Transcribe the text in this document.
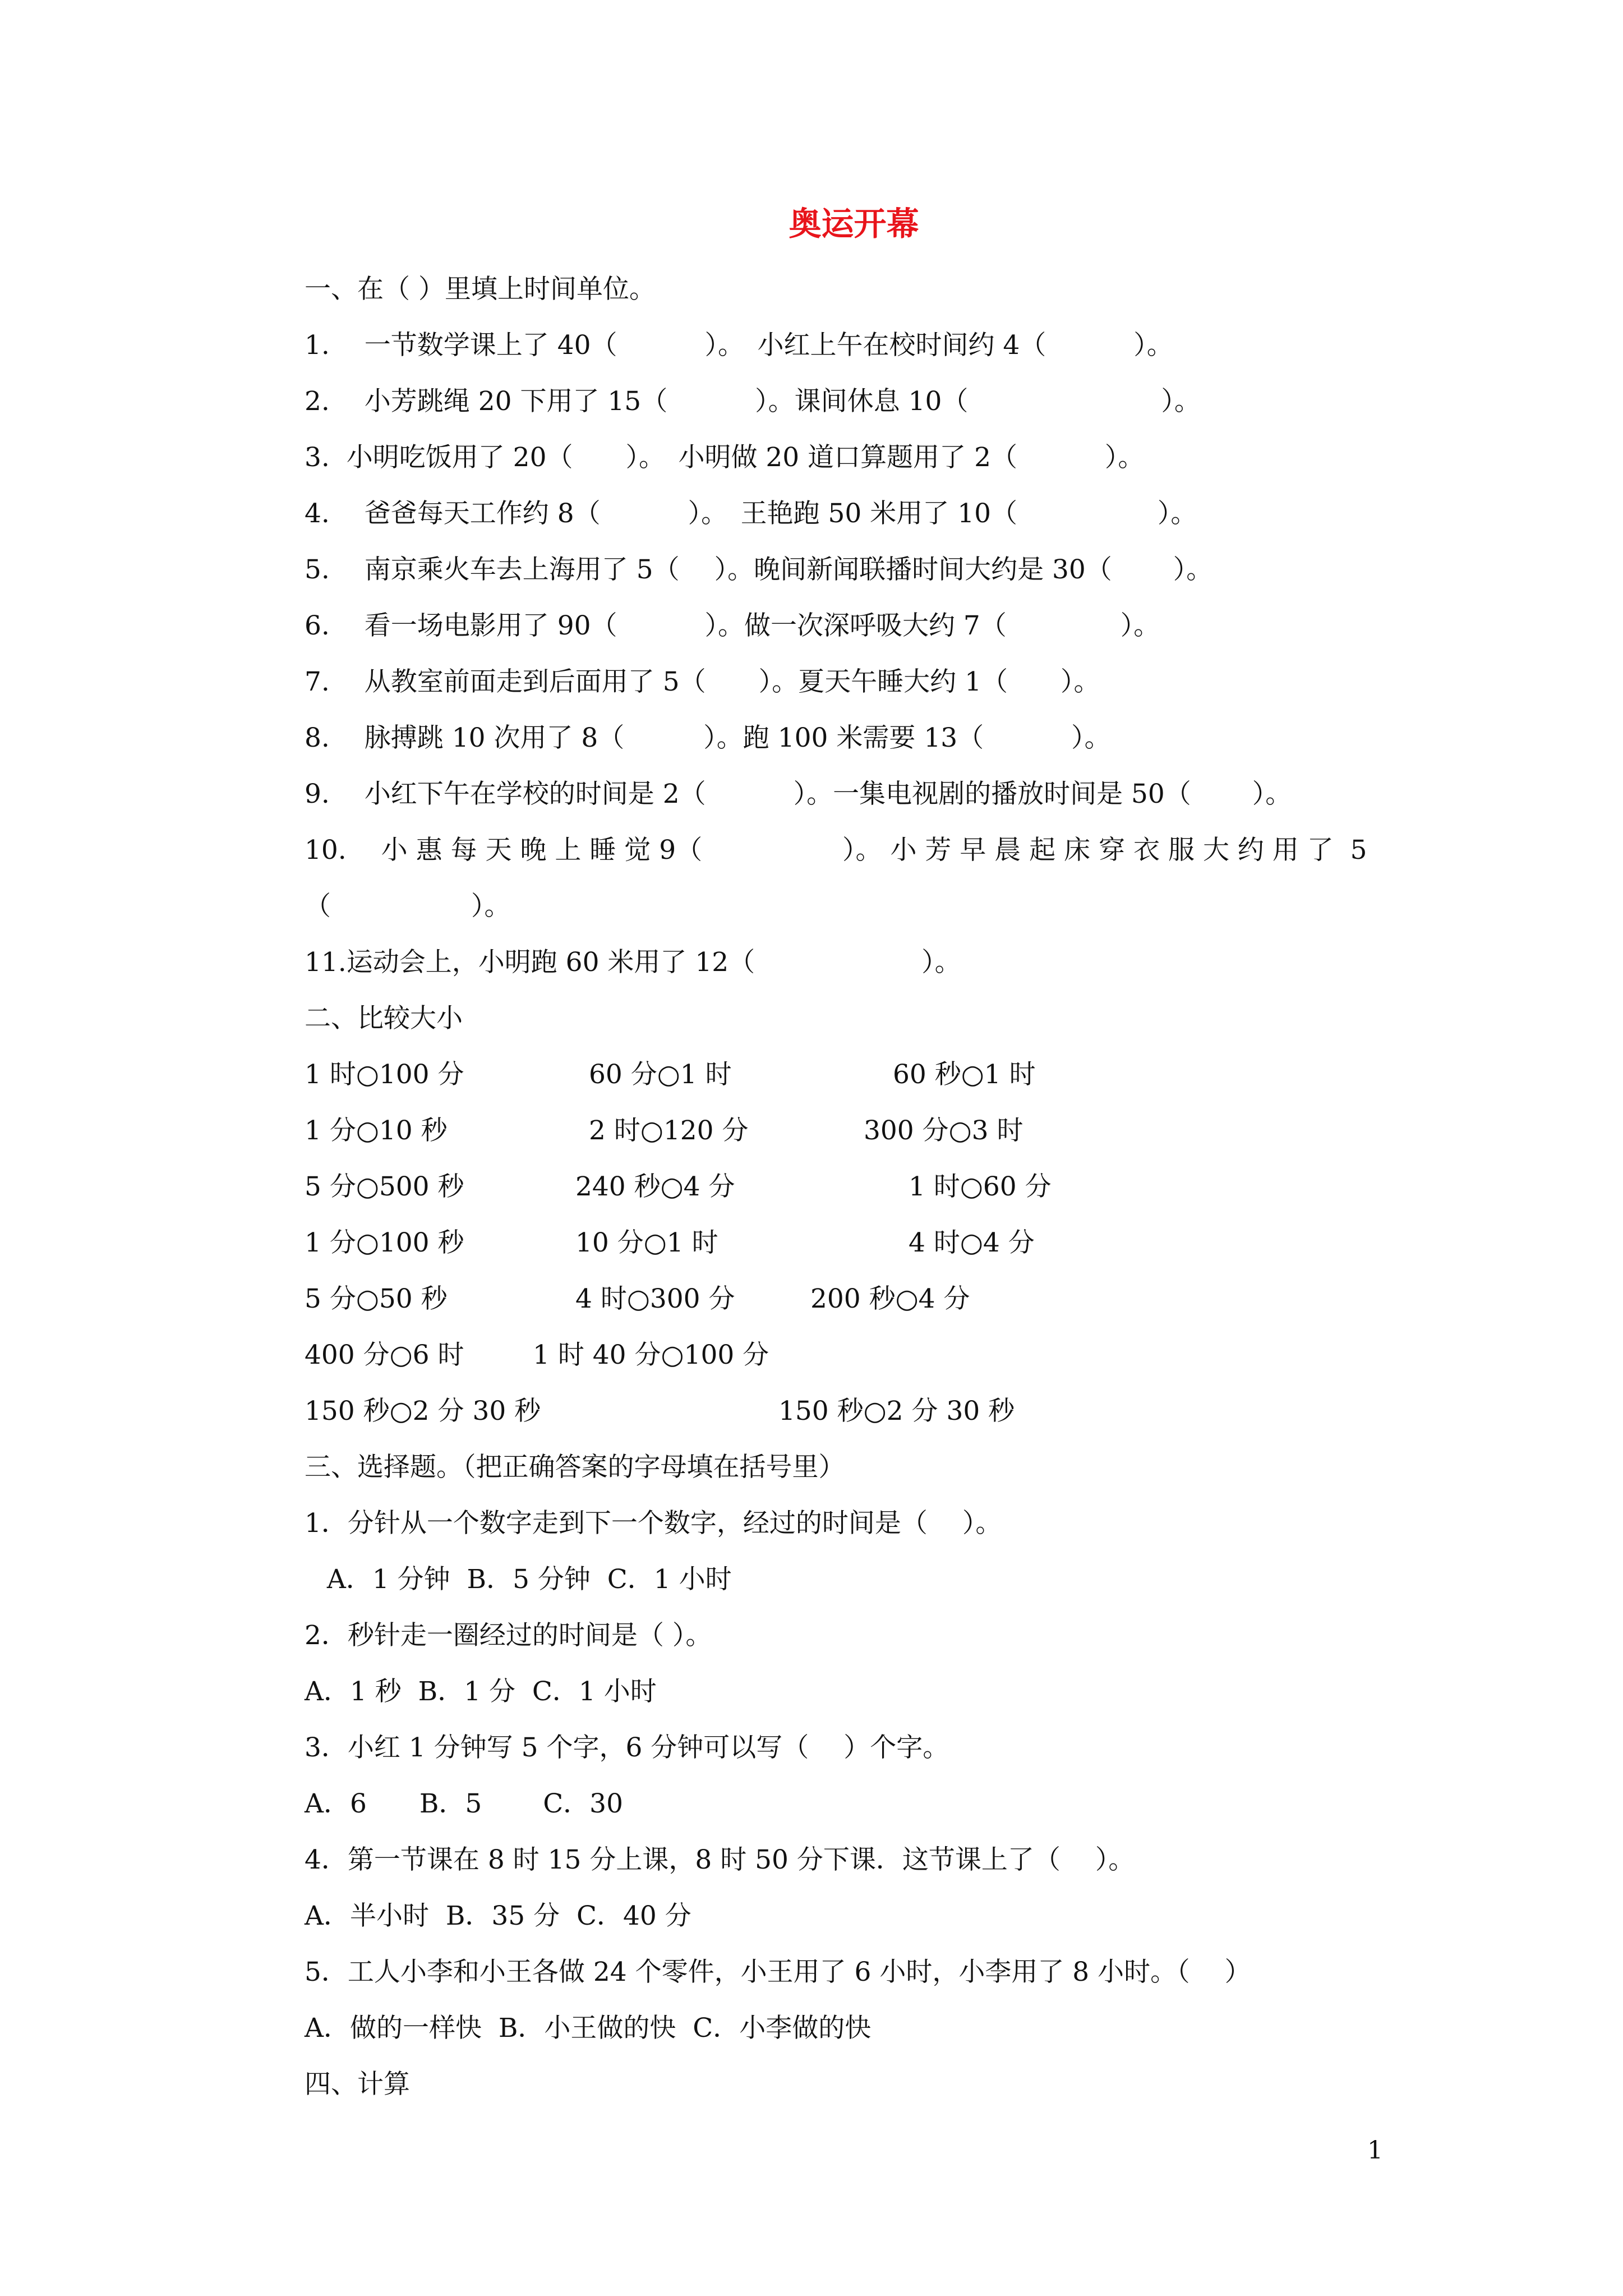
奥运开幕
一、在（ ）里填上时间单位。
1.　 一节数学课上了 40（　　　 ）。　小红上午在校时间约 4（　　　 ）。
2.　 小芳跳绳 20 下用了 15（　　　 ）。课间休息 10（　　　　　　　 ）。
3.  小明吃饭用了 20（　　）。　小明做 20 道口算题用了 2（　　　 ）。
4.　 爸爸每天工作约 8（　　　 ）。　王艳跑 50 米用了 10（　　　　　 ）。
5.　 南京乘火车去上海用了 5（　 ）。晚间新闻联播时间大约是 30（　　 ）。
6.　 看一场电影用了 90（　　　 ）。做一次深呼吸大约 7（　　　　 ）。
7.　 从教室前面走到后面用了 5（　　）。夏天午睡大约 1（　　）。
8.　 脉搏跳 10 次用了 8（　　　）。跑 100 米需要 13（　　　 ）。
9.　 小红下午在学校的时间是 2（　　　 ）。一集电视剧的播放时间是 50（　　 ）。
10.　 小 惠 每 天 晚 上 睡 觉 9（　　　　　 ）。 小 芳 早 晨 起 床 穿 衣 服 大 约 用 了  5
（　　　　　 ）。
11.运动会上，小明跑 60 米用了 12（　　　　　　 ）。
二、比较大小
1 时○100 分	60 分○1 时	60 秒○1 时
1 分○10 秒	2 时○120 分	300 分○3 时
5 分○500 秒	240 秒○4 分	1 时○60 分
1 分○100 秒	10 分○1 时	4 时○4 分
5 分○50 秒	4 时○300 分	200 秒○4 分
400 分○6 时	1 时 40 分○100 分
150 秒○2 分 30 秒	150 秒○2 分 30 秒
三、选择题。（把正确答案的字母填在括号里）
1．分针从一个数字走到下一个数字，经过的时间是（　 ）。
A．1 分钟  B．5 分钟  C．1 小时
2．秒针走一圈经过的时间是（ ）。
A．1 秒  B．1 分  C．1 小时
3．小红 1 分钟写 5 个字，6 分钟可以写（　 ）个字。
A．6　　B．5　　 C．30
4．第一节课在 8 时 15 分上课，8 时 50 分下课．这节课上了（　 ）。
A．半小时  B．35 分  C．40 分
5．工人小李和小王各做 24 个零件，小王用了 6 小时，小李用了 8 小时。（　 ）
A．做的一样快  B．小王做的快  C．小李做的快
四、计算
1
